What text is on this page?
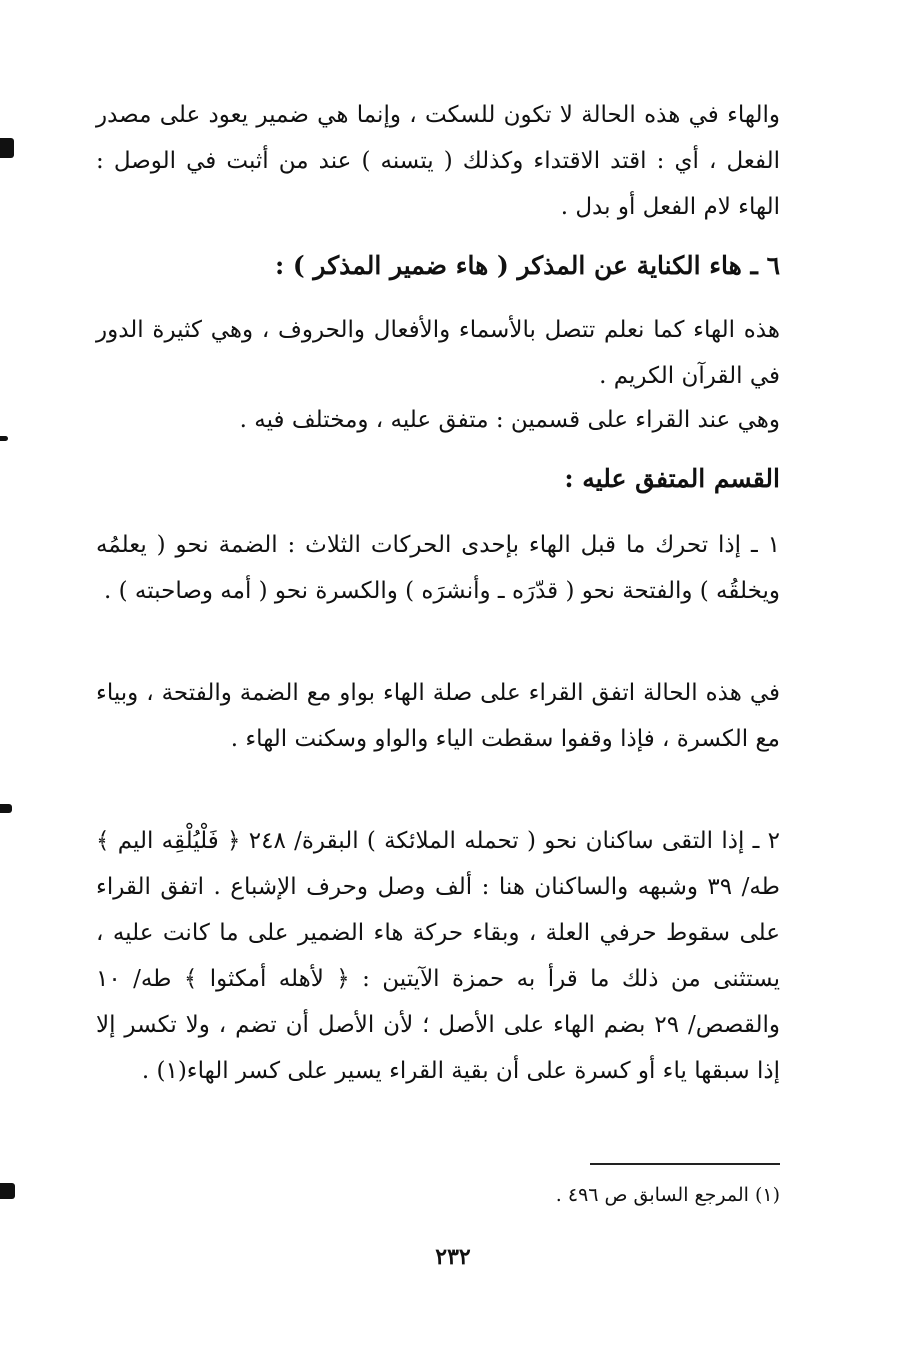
والهاء في هذه الحالة لا تكون للسكت ، وإنما هي ضمير يعود على مصدر الفعل ، أي : اقتد الاقتداء وكذلك ( يتسنه ) عند من أثبت في الوصل : الهاء لام الفعل أو بدل .
٦ ـ هاء الكناية عن المذكر ( هاء ضمير المذكر ) :
هذه الهاء كما نعلم تتصل بالأسماء والأفعال والحروف ، وهي كثيرة الدور في القرآن الكريم .
وهي عند القراء على قسمين : متفق عليه ، ومختلف فيه .
القسم المتفق عليه :
١ ـ إذا تحرك ما قبل الهاء بإحدى الحركات الثلاث : الضمة نحو ( يعلمُه ويخلقُه ) والفتحة نحو ( قدّرَه ـ وأنشرَه ) والكسرة نحو ( أمه وصاحبته ) .
في هذه الحالة اتفق القراء على صلة الهاء بواو مع الضمة والفتحة ، وبياء مع الكسرة ، فإذا وقفوا سقطت الياء والواو وسكنت الهاء .
٢ ـ إذا التقى ساكنان نحو ( تحمله الملائكة ) البقرة/ ٢٤٨ ﴿ فَلْيُلْقِه اليم ﴾ طه/ ٣٩ وشبهه والساكنان هنا : ألف وصل وحرف الإشباع . اتفق القراء على سقوط حرفي العلة ، وبقاء حركة هاء الضمير على ما كانت عليه ، يستثنى من ذلك ما قرأ به حمزة الآيتين : ﴿ لأهله أمكثوا ﴾ طه/ ١٠ والقصص/ ٢٩ بضم الهاء على الأصل ؛ لأن الأصل أن تضم ، ولا تكسر إلا إذا سبقها ياء أو كسرة على أن بقية القراء يسير على كسر الهاء(١) .
(١) المرجع السابق ص ٤٩٦ .
٢٣٢
